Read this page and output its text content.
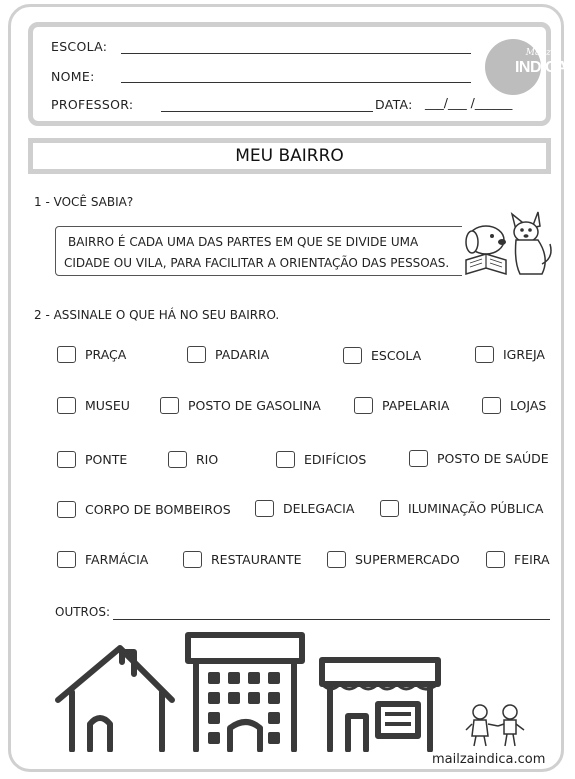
ESCOLA:
NOME:
PROFESSOR:	DATA: ___/___ /______
Mailza
INDICA
MEU BAIRRO
1 - VOCÊ SABIA?
BAIRRO É CADA UMA DAS PARTES EM QUE SE DIVIDE UMA
CIDADE OU VILA, PARA FACILITAR A ORIENTAÇÃO DAS PESSOAS.
2 - ASSINALE O QUE HÁ NO SEU BAIRRO.
PRAÇA	PADARIA	ESCOLA	IGREJA
MUSEU	POSTO DE GASOLINA	PAPELARIA	LOJAS
PONTE	RIO	EDIFÍCIOS	POSTO DE SAÚDE
CORPO DE BOMBEIROS	DELEGACIA	ILUMINAÇÃO PÚBLICA
FARMÁCIA	RESTAURANTE	SUPERMERCADO	FEIRA
OUTROS:
mailzaindica.com
